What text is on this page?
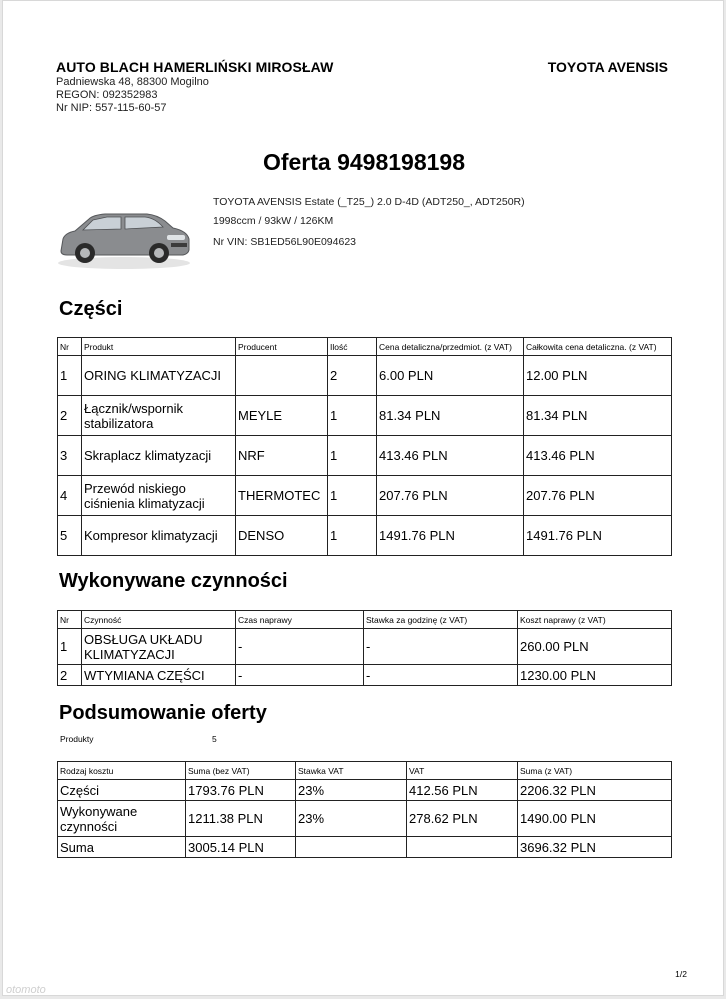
AUTO BLACH HAMERLIŃSKI MIROSŁAW
Padniewska 48, 88300 Mogilno
REGON: 092352983
Nr NIP: 557-115-60-57
TOYOTA AVENSIS
Oferta 9498198198
TOYOTA AVENSIS Estate (_T25_) 2.0 D-4D (ADT250_, ADT250R)
1998ccm / 93kW / 126KM
Nr VIN: SB1ED56L90E094623
Części
Nr	Produkt	Producent	Ilość	Cena detaliczna/przedmiot. (z VAT)	Całkowita cena detaliczna. (z VAT)
1	ORING KLIMATYZACJI		2	6.00 PLN	12.00 PLN
2	Łącznik/wspornik stabilizatora	MEYLE	1	81.34 PLN	81.34 PLN
3	Skraplacz klimatyzacji	NRF	1	413.46 PLN	413.46 PLN
4	Przewód niskiego ciśnienia klimatyzacji	THERMOTEC	1	207.76 PLN	207.76 PLN
5	Kompresor klimatyzacji	DENSO	1	1491.76 PLN	1491.76 PLN
Wykonywane czynności
Nr	Czynność	Czas naprawy	Stawka za godzinę (z VAT)	Koszt naprawy (z VAT)
1	OBSŁUGA UKŁADU KLIMATYZACJI	-	-	260.00 PLN
2	WTYMIANA CZĘŚCI	-	-	1230.00 PLN
Podsumowanie oferty
Produkty	5
Rodzaj kosztu	Suma (bez VAT)	Stawka VAT	VAT	Suma (z VAT)
Części	1793.76 PLN	23%	412.56 PLN	2206.32 PLN
Wykonywane czynności	1211.38 PLN	23%	278.62 PLN	1490.00 PLN
Suma	3005.14 PLN			3696.32 PLN
1/2
otomoto
